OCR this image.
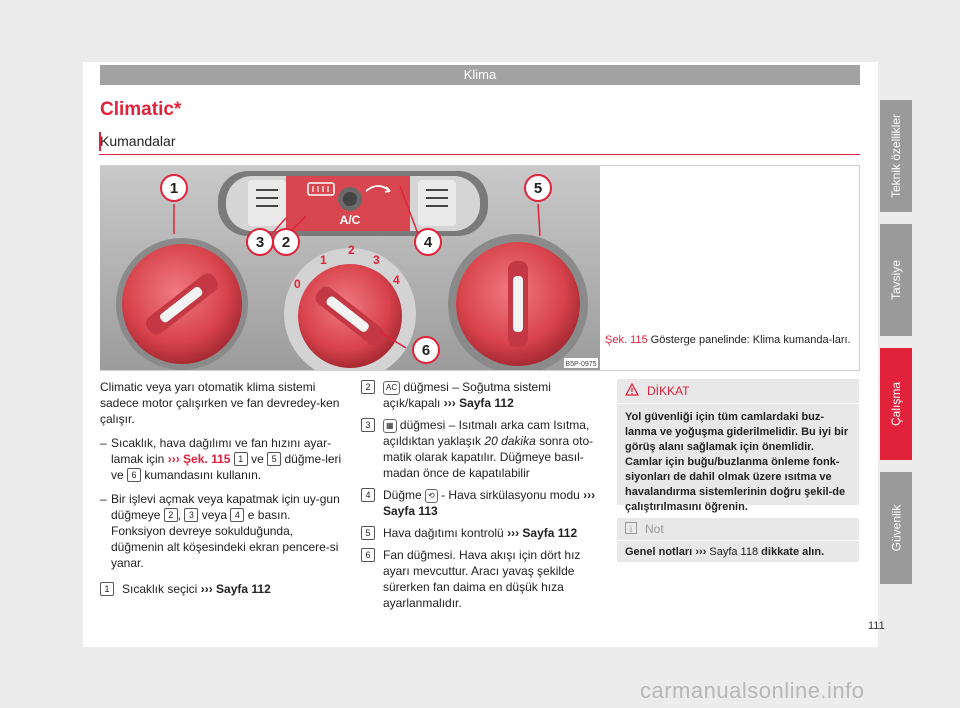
Klima
Climatic*
Kumandalar	Teknik özellikler
Tavsiye
Çalışma
Güvenlik
A/C
0
1
2
3
4
1
3 2	4
5
6
B5P-0975
Şek. 115 Gösterge panelinde: Klima kumanda-ları.

Climatic veya yarı otomatik klima sistemi sadece motor çalışırken ve fan devredey-ken çalışır.

– Sıcaklık, hava dağılımı ve fan hızını ayar-lamak için ››› Şek. 115 1 ve 5 düğme-leri ve 6 kumandasını kullanın.

– Bir işlevi açmak veya kapatmak için uy-gun düğmeye 2 , 3 veya 4 e basın. Fonksiyon devreye sokulduğunda, düğmenin alt köşesindeki ekran pencere-si yanar.

1	Sıcaklık seçici ››› Sayfa 112

2	AC düğmesi – Soğutma sistemi açık/kapalı ››› Sayfa 112

3	▦ düğmesi – Isıtmalı arka cam Isıtma, açıldıktan yaklaşık 20 dakika sonra oto-matik olarak kapatılır. Düğmeye basıl-madan önce de kapatılabilir

4	Düğme ⟲ - Hava sirkülasyonu modu ››› Sayfa 113

5	Hava dağıtımı kontrolü ››› Sayfa 112

6	Fan düğmesi. Hava akışı için dört hız ayarı mevcuttur. Aracı yavaş şekilde sürerken fan daima en düşük hıza ayarlanmalıdır.

DİKKAT
Yol güvenliği için tüm camlardaki buz-lanma ve yoğuşma giderilmelidir. Bu iyi bir görüş alanı sağlamak için önemlidir. Camlar için buğu/buzlanma önleme fonk-siyonları de dahil olmak üzere ısıtma ve havalandırma sistemlerinin doğru şekil-de çalıştırılmasını öğrenin.
i Not
Genel notları ››› Sayfa 118 dikkate alın.
111
carmanualsonline.info
